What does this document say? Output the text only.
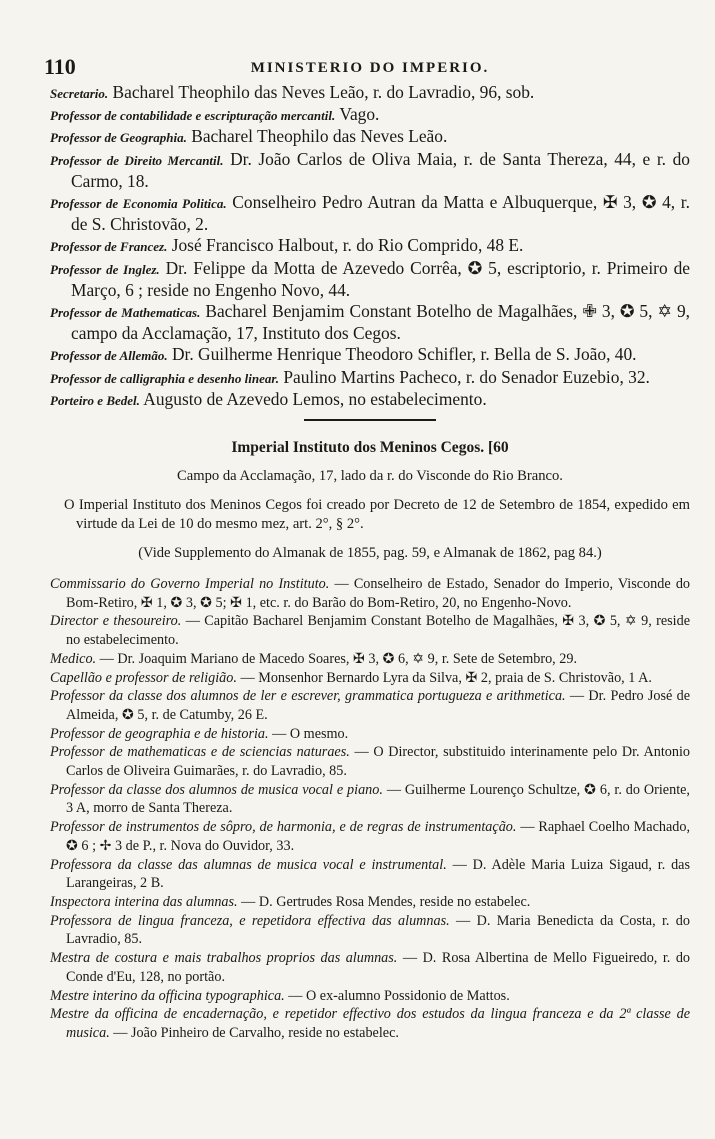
110	MINISTERIO DO IMPERIO.

Secretario. Bacharel Theophilo das Neves Leão, r. do Lavradio, 96, sob.

Professor de contabilidade e escripturação mercantil. Vago.

Professor de Geographia. Bacharel Theophilo das Neves Leão.

Professor de Direito Mercantil. Dr. João Carlos de Oliva Maia, r. de Santa Thereza, 44, e r. do Carmo, 18.

Professor de Economia Politica. Conselheiro Pedro Autran da Matta e Albuquerque, ✠ 3, ✪ 4, r. de S. Christovão, 2.

Professor de Francez. José Francisco Halbout, r. do Rio Comprido, 48 E.

Professor de Inglez. Dr. Felippe da Motta de Azevedo Corrêa, ✪ 5, escriptorio, r. Primeiro de Março, 6 ; reside no Engenho Novo, 44.

Professor de Mathematicas. Bacharel Benjamim Constant Botelho de Magalhães, ✙ 3, ✪ 5, ✡ 9, campo da Acclamação, 17, Instituto dos Cegos.

Professor de Allemão. Dr. Guilherme Henrique Theodoro Schifler, r. Bella de S. João, 40.

Professor de calligraphia e desenho linear. Paulino Martins Pacheco, r. do Senador Euzebio, 32.

Porteiro e Bedel. Augusto de Azevedo Lemos, no estabelecimento.

Imperial Instituto dos Meninos Cegos. [60

Campo da Acclamação, 17, lado da r. do Visconde do Rio Branco.

O Imperial Instituto dos Meninos Cegos foi creado por Decreto de 12 de Setembro de 1854, expedido em virtude da Lei de 10 do mesmo mez, art. 2°, § 2°.

(Vide Supplemento do Almanak de 1855, pag. 59, e Almanak de 1862, pag 84.)

Commissario do Governo Imperial no Instituto. — Conselheiro de Estado, Senador do Imperio, Visconde do Bom-Retiro, ✠ 1, ✪ 3, ✪ 5; ✠ 1, etc. r. do Barão do Bom-Retiro, 20, no Engenho-Novo.

Director e thesoureiro. — Capitão Bacharel Benjamim Constant Botelho de Magalhães, ✠ 3, ✪ 5, ✡ 9, reside no estabelecimento.

Medico. — Dr. Joaquim Mariano de Macedo Soares, ✠ 3, ✪ 6, ✡ 9, r. Sete de Setembro, 29.

Capellão e professor de religião. — Monsenhor Bernardo Lyra da Silva, ✠ 2, praia de S. Christovão, 1 A.

Professor da classe dos alumnos de ler e escrever, grammatica portugueza e arithmetica. — Dr. Pedro José de Almeida, ✪ 5, r. de Catumby, 26 E.

Professor de geographia e de historia. — O mesmo.

Professor de mathematicas e de sciencias naturaes. — O Director, substituido interinamente pelo Dr. Antonio Carlos de Oliveira Guimarães, r. do Lavradio, 85.

Professor da classe dos alumnos de musica vocal e piano. — Guilherme Lourenço Schultze, ✪ 6, r. do Oriente, 3 A, morro de Santa Thereza.

Professor de instrumentos de sôpro, de harmonia, e de regras de instrumentação. — Raphael Coelho Machado, ✪ 6 ; ✢ 3 de P., r. Nova do Ouvidor, 33.

Professora da classe das alumnas de musica vocal e instrumental. — D. Adèle Maria Luiza Sigaud, r. das Larangeiras, 2 B.

Inspectora interina das alumnas. — D. Gertrudes Rosa Mendes, reside no estabelec.

Professora de lingua franceza, e repetidora effectiva das alumnas. — D. Maria Benedicta da Costa, r. do Lavradio, 85.

Mestra de costura e mais trabalhos proprios das alumnas. — D. Rosa Albertina de Mello Figueiredo, r. do Conde d'Eu, 128, no portão.

Mestre interino da officina typographica. — O ex-alumno Possidonio de Mattos.

Mestre da officina de encadernação, e repetidor effectivo dos estudos da lingua franceza e da 2ª classe de musica. — João Pinheiro de Carvalho, reside no estabelec.
